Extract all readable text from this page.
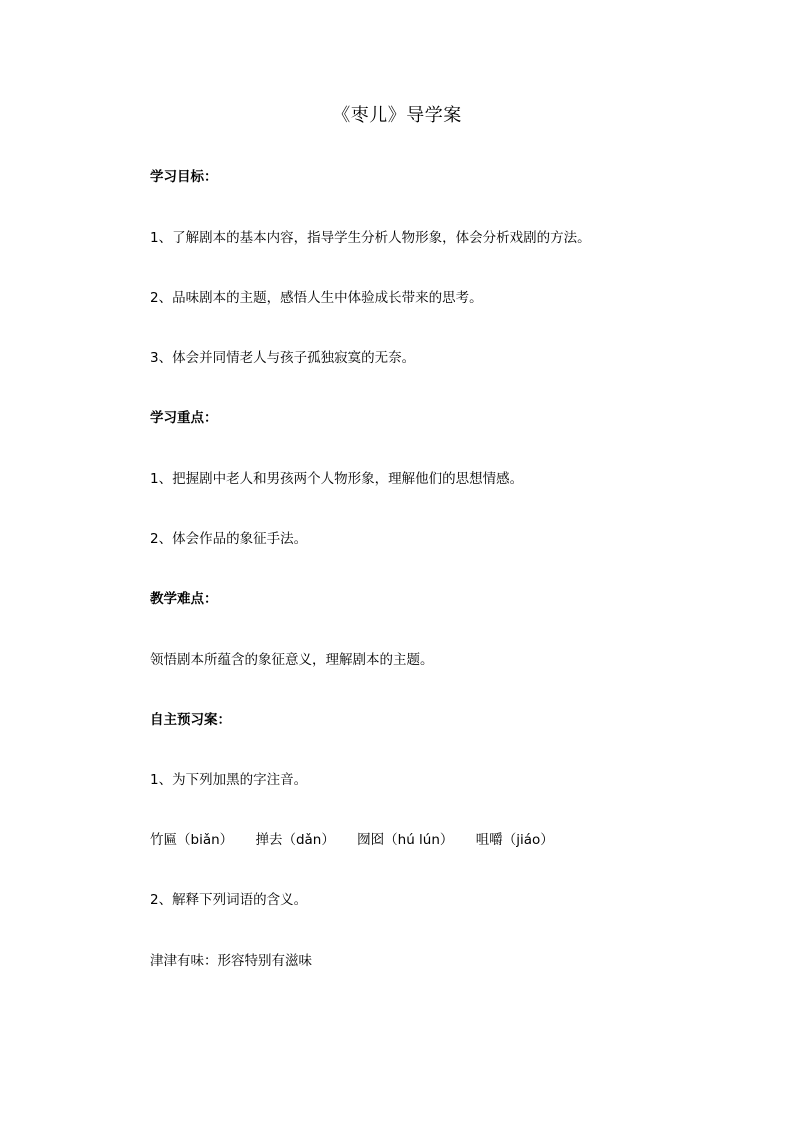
《枣儿》导学案
学习目标：
1、了解剧本的基本内容，指导学生分析人物形象，体会分析戏剧的方法。
2、品味剧本的主题，感悟人生中体验成长带来的思考。
3、体会并同情老人与孩子孤独寂寞的无奈。
学习重点：
1、把握剧中老人和男孩两个人物形象，理解他们的思想情感。
2、体会作品的象征手法。
教学难点：
领悟剧本所蕴含的象征意义，理解剧本的主题。
自主预习案：
1、为下列加黑的字注音。
竹匾（biǎn） 掸去（dǎn） 囫囵（hú lún） 咀嚼（jiáo）
2、解释下列词语的含义。
津津有味：形容特别有滋味
